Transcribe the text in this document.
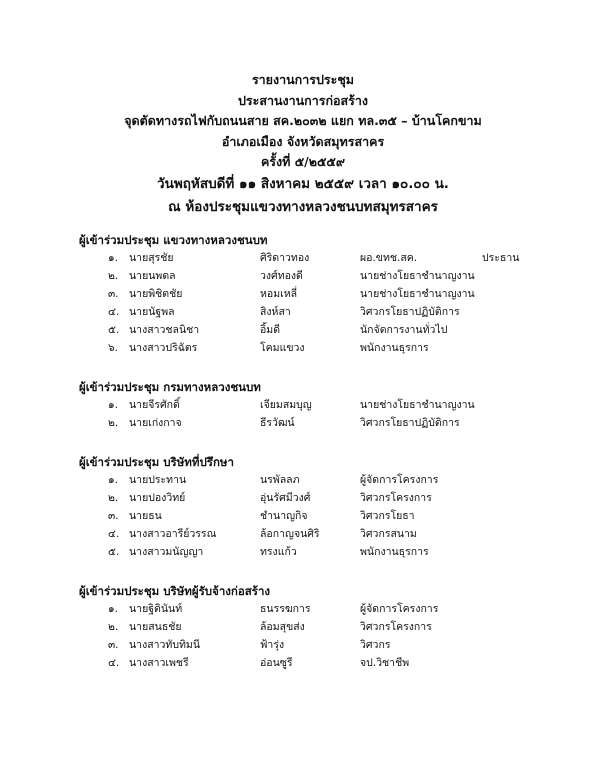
รายงานการประชุม
ประสานงานการก่อสร้าง
จุดตัดทางรถไฟกับถนนสาย สค.๒๐๓๒ แยก ทล.๓๕ – บ้านโคกขาม
อำเภอเมือง จังหวัดสมุทรสาคร
ครั้งที่ ๕/๒๕๕๙
วันพฤหัสบดีที่ ๑๑ สิงหาคม ๒๕๕๙ เวลา ๑๐.๐๐ น.
ณ ห้องประชุมแขวงทางหลวงชนบทสมุทรสาคร
ผู้เข้าร่วมประชุม แขวงทางหลวงชนบท
๑. นายสุรชัย	ศิริดาวทอง	ผอ.ขทช.สค.	ประธาน
๒. นายนพดล	วงศ์ทองดี	นายช่างโยธาชำนาญงาน
๓. นายพิชิตชัย	หอมเหลี่	นายช่างโยธาชำนาญงาน
๔. นายนัฐพล	สิงห์สา	วิศวกรโยธาปฏิบัติการ
๕. นางสาวชลนิชา	อิ้มดี	นักจัดการงานทั่วไป
๖. นางสาวปริฉัตร	โคมแขวง	พนักงานธุรการ
ผู้เข้าร่วมประชุม กรมทางหลวงชนบท
๑. นายจีรศักดิ์	เจียมสมบุญ	นายช่างโยธาชำนาญงาน
๒. นายเก่งกาจ	ธีรวัฒน์	วิศวกรโยธาปฏิบัติการ
ผู้เข้าร่วมประชุม บริษัทที่ปรึกษา
๑. นายประทาน	นรพัลลภ	ผู้จัดการโครงการ
๒. นายปองวิทย์	อุ่นรัศมีวงศ์	วิศวกรโครงการ
๓. นายธน	ชำนาญกิจ	วิศวกรโยธา
๔. นางสาวอารีย์วรรณ	ล้อกาญจนศิริ	วิศวกรสนาม
๕. นางสาวมนัญญา	ทรงแก้ว	พนักงานธุรการ
ผู้เข้าร่วมประชุม บริษัทผู้รับจ้างก่อสร้าง
๑. นายฐิตินันท์	ธนรรฆการ	ผู้จัดการโครงการ
๒. นายสนธชัย	ล้อมสุขส่ง	วิศวกรโครงการ
๓. นางสาวทับทิมนี	ฟ้ารุ่ง	วิศวกร
๔. นางสาวเพชรี	อ่อนซูรี	จป.วิชาชีพ
